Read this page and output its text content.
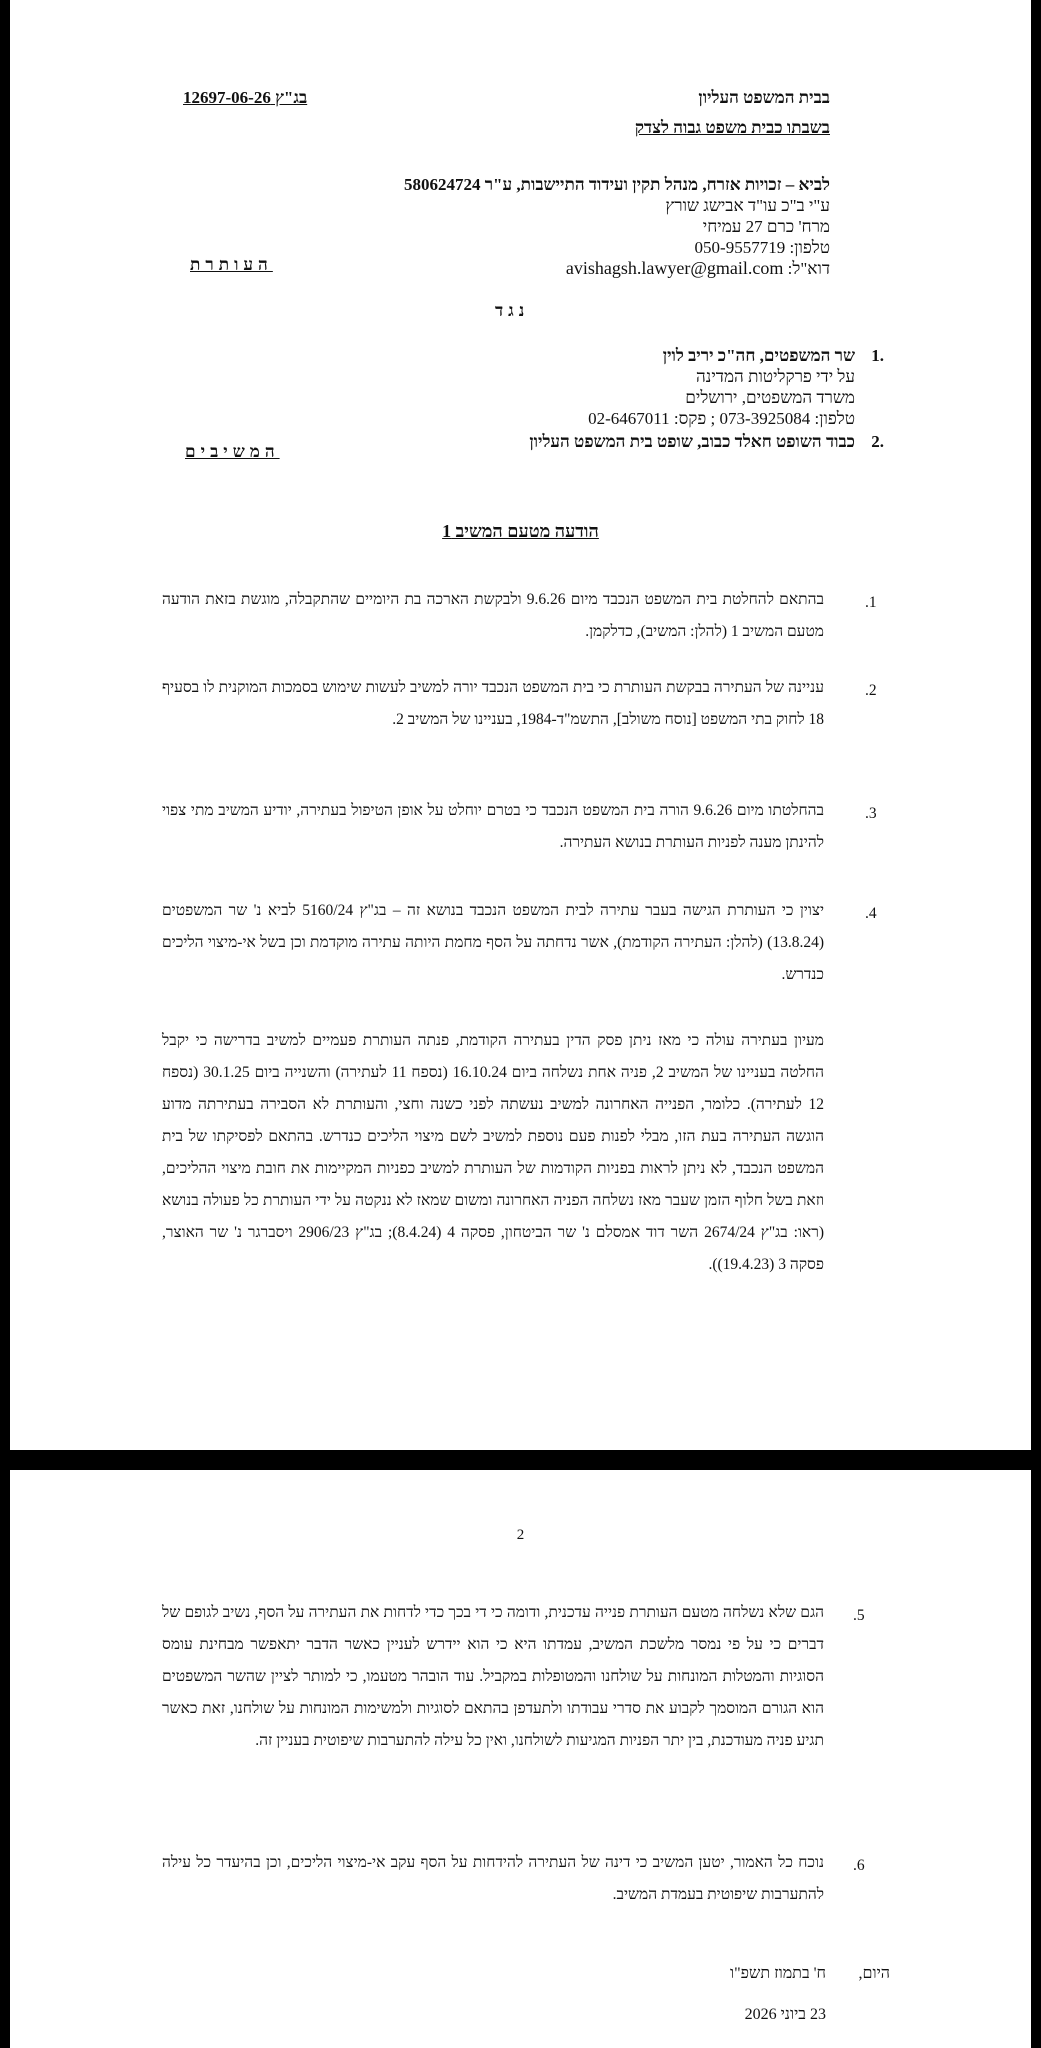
בבית המשפט העליון
בג"ץ 12697-06-26
בשבתו כבית משפט גבוה לצדק
לביא – זכויות אזרח, מנהל תקין ועידוד התיישבות, ע"ר 580624724
ע"י ב"כ עו"ד אבישג שורץ
מרח' כרם 27 עמיחי
טלפון: 050-9557719
דוא"ל: avishagsh.lawyer@gmail.com
העותרת
נגד
1.
שר המשפטים, חה"כ יריב לוין
על ידי פרקליטות המדינה
משרד המשפטים, ירושלים
טלפון: 073-3925084 ; פקס: 02-6467011
2.
כבוד השופט חאלד כבוב, שופט בית המשפט העליון
המשיבים
הודעה מטעם המשיב 1
.1
בהתאם להחלטת בית המשפט הנכבד מיום 9.6.26 ולבקשת הארכה בת היומיים שהתקבלה, מוגשת בזאת הודעה מטעם המשיב 1 (להלן: המשיב), כדלקמן.
.2
עניינה של העתירה בבקשת העותרת כי בית המשפט הנכבד יורה למשיב לעשות שימוש בסמכות המוקנית לו בסעיף 18 לחוק בתי המשפט [נוסח משולב], התשמ"ד-1984, בעניינו של המשיב 2.
.3
בהחלטתו מיום 9.6.26 הורה בית המשפט הנכבד כי בטרם יוחלט על אופן הטיפול בעתירה, יודיע המשיב מתי צפוי להינתן מענה לפניות העותרת בנושא העתירה.
.4
יצוין כי העותרת הגישה בעבר עתירה לבית המשפט הנכבד בנושא זה – בג"ץ 5160/24 לביא נ' שר המשפטים (13.8.24) (להלן: העתירה הקודמת), אשר נדחתה על הסף מחמת היותה עתירה מוקדמת וכן בשל אי-מיצוי הליכים כנדרש.
מעיון בעתירה עולה כי מאז ניתן פסק הדין בעתירה הקודמת, פנתה העותרת פעמיים למשיב בדרישה כי יקבל החלטה בעניינו של המשיב 2, פניה אחת נשלחה ביום 16.10.24 (נספח 11 לעתירה) והשנייה ביום 30.1.25 (נספח 12 לעתירה). כלומר, הפנייה האחרונה למשיב נעשתה לפני כשנה וחצי, והעותרת לא הסבירה בעתירתה מדוע הוגשה העתירה בעת הזו, מבלי לפנות פעם נוספת למשיב לשם מיצוי הליכים כנדרש. בהתאם לפסיקתו של בית המשפט הנכבד, לא ניתן לראות בפניות הקודמות של העותרת למשיב כפניות המקיימות את חובת מיצוי ההליכים, וזאת בשל חלוף הזמן שעבר מאז נשלחה הפניה האחרונה ומשום שמאז לא ננקטה על ידי העותרת כל פעולה בנושא (ראו: בג"ץ 2674/24 השר דוד אמסלם נ' שר הביטחון, פסקה 4 (8.4.24); בג"ץ 2906/23 ויסברגר נ' שר האוצר, פסקה 3 (19.4.23)).
2
.5
הגם שלא נשלחה מטעם העותרת פנייה עדכנית, ודומה כי די בכך כדי לדחות את העתירה על הסף, נשיב לגופם של דברים כי על פי נמסר מלשכת המשיב, עמדתו היא כי הוא יידרש לעניין כאשר הדבר יתאפשר מבחינת עומס הסוגיות והמטלות המונחות על שולחנו והמטופלות במקביל. עוד הובהר מטעמו, כי למותר לציין שהשר המשפטים הוא הגורם המוסמך לקבוע את סדרי עבודתו ולתעדפן בהתאם לסוגיות ולמשימות המונחות על שולחנו, זאת כאשר תגיע פניה מעודכנת, בין יתר הפניות המגיעות לשולחנו, ואין כל עילה להתערבות שיפוטית בעניין זה.
.6
נוכח כל האמור, יטען המשיב כי דינה של העתירה להידחות על הסף עקב אי-מיצוי הליכים, וכן בהיעדר כל עילה להתערבות שיפוטית בעמדת המשיב.
היום,
ח' בתמוז תשפ"ו
23 ביוני 2026
